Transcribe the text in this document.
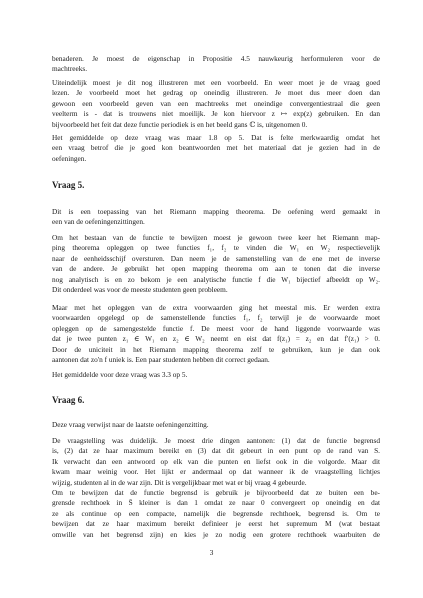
benaderen. Je moest de eigenschap in Propositie 4.5 nauwkeurig herformuleren voor de
machtreeks.
Uiteindelijk moest je dit nog illustreren met een voorbeeld. En weer moet je de vraag goed
lezen. Je voorbeeld moet het gedrag op oneindig illustreren. Je moet dus meer doen dan
gewoon een voorbeeld geven van een machtreeks met oneindige convergentiestraal die geen
veelterm is - dat is trouwens niet moeilijk. Je kon hiervoor z ↦ exp(z) gebruiken. En dan
bijvoorbeeld het feit dat deze functie periodiek is en het beeld gans ℂ is, uitgenomen 0.
Het gemiddelde op deze vraag was maar 1.8 op 5. Dat is felte merkwaardig omdat het
een vraag betrof die je goed kon beantwoorden met het materiaal dat je gezien had in de
oefeningen.
Vraag 5.
Dit is een toepassing van het Riemann mapping theorema. De oefening werd gemaakt in
een van de oefeningenzittingen.
Om het bestaan van de functie te bewijzen moest je gewoon twee keer het Riemann map-
ping theorema opleggen op twee functies f₁, f₂ te vinden die W₁ en W₂ respectievelijk
naar de eenheidsschijf oversturen. Dan neem je de samenstelling van de ene met de inverse
van de andere. Je gebruikt het open mapping theorema om aan te tonen dat die inverse
nog analytisch is en zo bekom je een analytische functie f die W₁ bijectief afbeeldt op W₂.
Dit onderdeel was voor de meeste studenten geen probleem.
Maar met het opleggen van de extra voorwaarden ging het meestal mis. Er werden extra
voorwaarden opgelegd op de samenstellende functies f₁, f₂ terwijl je de voorwaarde moet
opleggen op de samengestelde functie f. De meest voor de hand liggende voorwaarde was
dat je twee punten z₁ ∈ W₁ en z₂ ∈ W₂ neemt en eist dat f(z₁) = z₂ en dat f′(z₁) > 0.
Door de uniciteit in het Riemann mapping theorema zelf te gebruiken, kun je dan ook
aantonen dat zo'n f uniek is. Een paar studenten hebben dit correct gedaan.
Het gemiddelde voor deze vraag was 3.3 op 5.
Vraag 6.
Deze vraag verwijst naar de laatste oefeningenzitting.
De vraagstelling was duidelijk. Je moest drie dingen aantonen: (1) dat de functie begrensd
is, (2) dat ze haar maximum bereikt en (3) dat dit gebeurt in een punt op de rand van S.
Ik verwacht dan een antwoord op elk van die punten en liefst ook in die volgorde. Maar dit
kwam maar weinig voor. Het lijkt er andermaal op dat wanneer ik de vraagstelling lichtjes
wijzig, studenten al in de war zijn. Dit is vergelijkbaar met wat er bij vraag 4 gebeurde.
Om te bewijzen dat de functie begrensd is gebruik je bijvoorbeeld dat ze buiten een be-
grensde rechthoek in S̄ kleiner is dan 1 omdat ze naar 0 convergeert op oneindig en dat
ze als continue op een compacte, namelijk die begrensde rechthoek, begrensd is. Om te
bewijzen dat ze haar maximum bereikt definieer je eerst het supremum M (wat bestaat
omwille van het begrensd zijn) en kies je zo nodig een grotere rechthoek waarbuiten de
3
